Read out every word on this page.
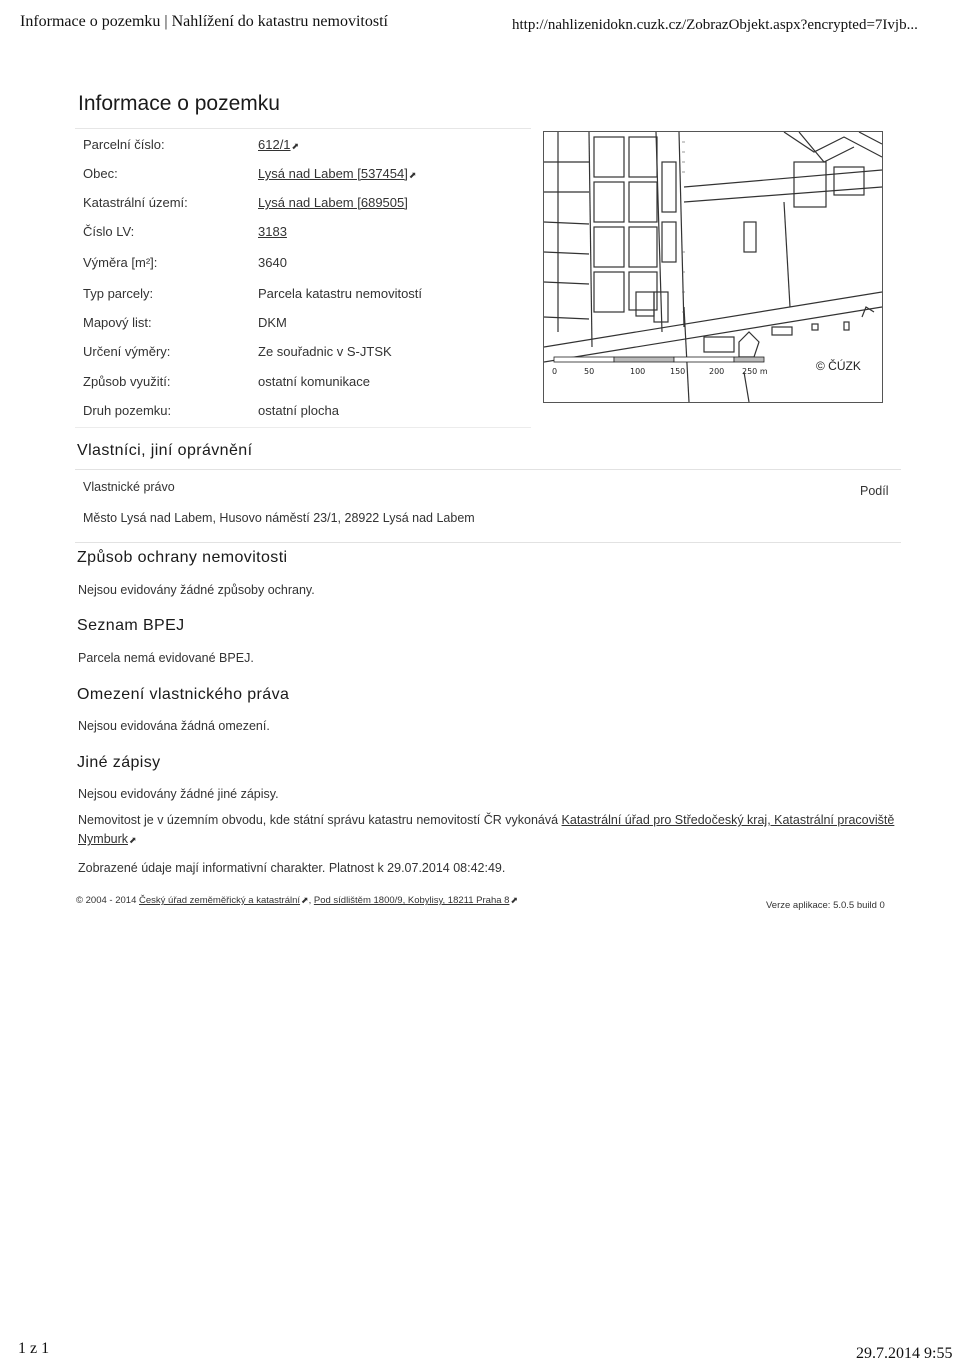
Informace o pozemku | Nahlížení do katastru nemovitostí	http://nahlizenidokn.cuzk.cz/ZobrazObjekt.aspx?encrypted=7Ivjb...
Informace o pozemku
Parcelní číslo:	612/1⬈
Obec:	Lysá nad Labem [537454]⬈
Katastrální území:	Lysá nad Labem [689505]
Číslo LV:	3183
Výměra [m²]:	3640
Typ parcely:	Parcela katastru nemovitostí
Mapový list:	DKM
Určení výměry:	Ze souřadnic v S-JTSK
Způsob využití:	ostatní komunikace
Druh pozemku:	ostatní plocha
0	50	100	150	200 250 m	© ČÚZK
Vlastníci, jiní oprávnění
Vlastnické právo	Podíl
Město Lysá nad Labem, Husovo náměstí 23/1, 28922 Lysá nad Labem
Způsob ochrany nemovitosti
Nejsou evidovány žádné způsoby ochrany.
Seznam BPEJ
Parcela nemá evidované BPEJ.
Omezení vlastnického práva
Nejsou evidována žádná omezení.
Jiné zápisy
Nejsou evidovány žádné jiné zápisy.
Nemovitost je v územním obvodu, kde státní správu katastru nemovitostí ČR vykonává Katastrální úřad pro Středočeský kraj, Katastrální pracoviště Nymburk⬈
Zobrazené údaje mají informativní charakter. Platnost k 29.07.2014 08:42:49.
© 2004 - 2014 Český úřad zeměměřický a katastrální⬈, Pod sídlištěm 1800/9, Kobylisy, 18211 Praha 8⬈	Verze aplikace: 5.0.5 build 0
1 z 1	29.7.2014 9:55
